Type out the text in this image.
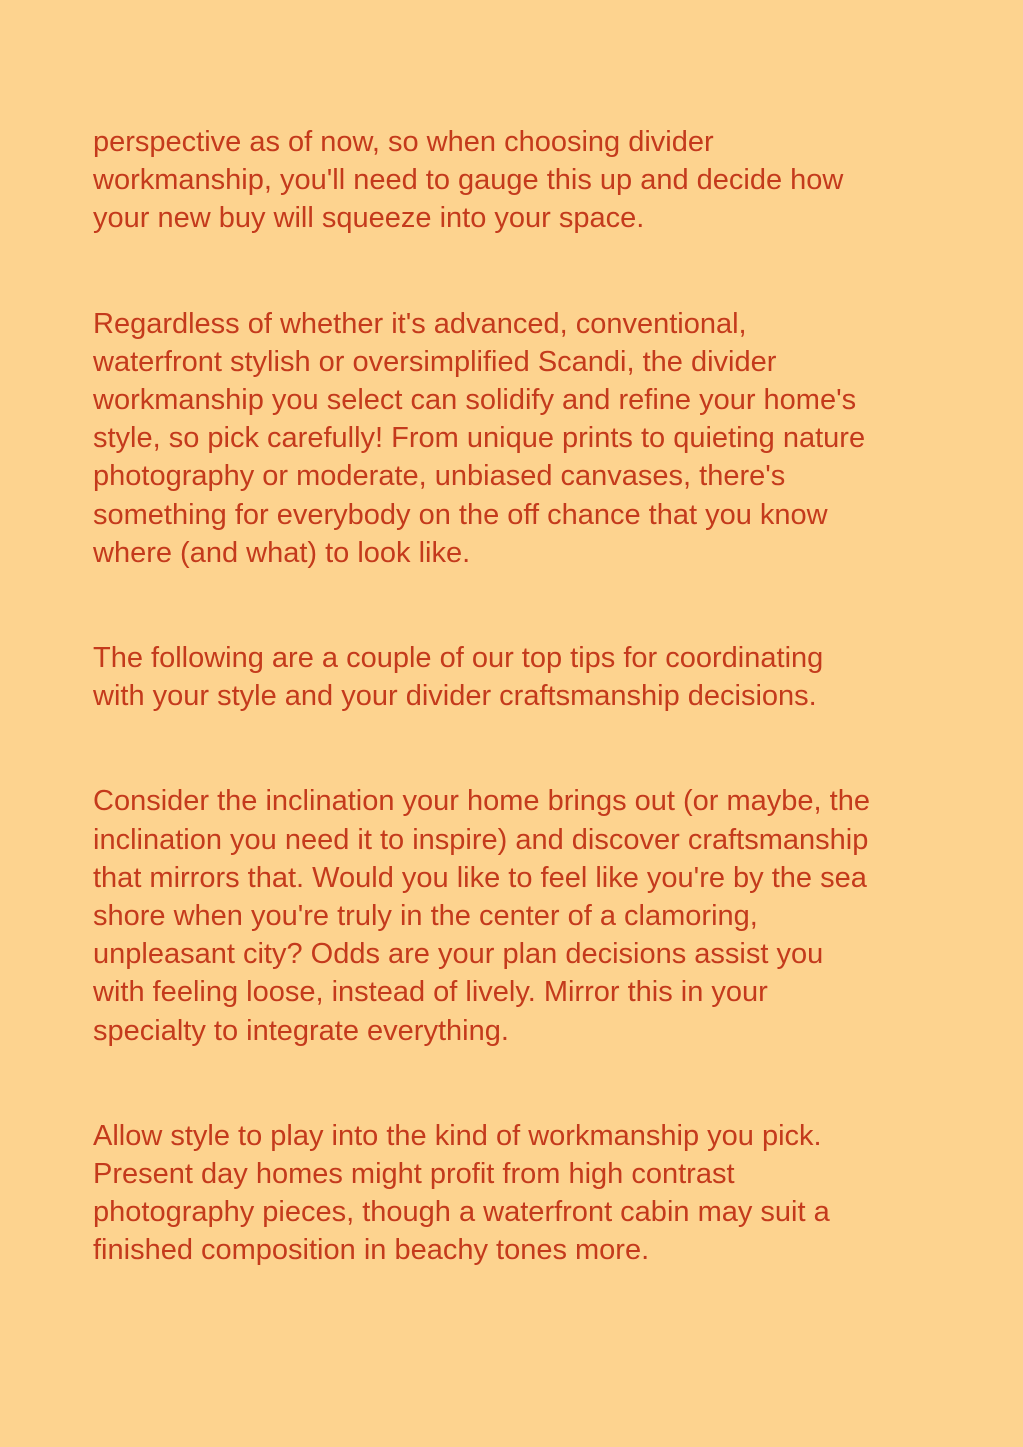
perspective as of now, so when choosing divider
workmanship, you'll need to gauge this up and decide how
your new buy will squeeze into your space.

Regardless of whether it's advanced, conventional,
waterfront stylish or oversimplified Scandi, the divider
workmanship you select can solidify and refine your home's
style, so pick carefully! From unique prints to quieting nature
photography or moderate, unbiased canvases, there's
something for everybody on the off chance that you know
where (and what) to look like.

The following are a couple of our top tips for coordinating
with your style and your divider craftsmanship decisions.

Consider the inclination your home brings out (or maybe, the
inclination you need it to inspire) and discover craftsmanship
that mirrors that. Would you like to feel like you're by the sea
shore when you're truly in the center of a clamoring,
unpleasant city? Odds are your plan decisions assist you
with feeling loose, instead of lively. Mirror this in your
specialty to integrate everything.

Allow style to play into the kind of workmanship you pick.
Present day homes might profit from high contrast
photography pieces, though a waterfront cabin may suit a
finished composition in beachy tones more.
